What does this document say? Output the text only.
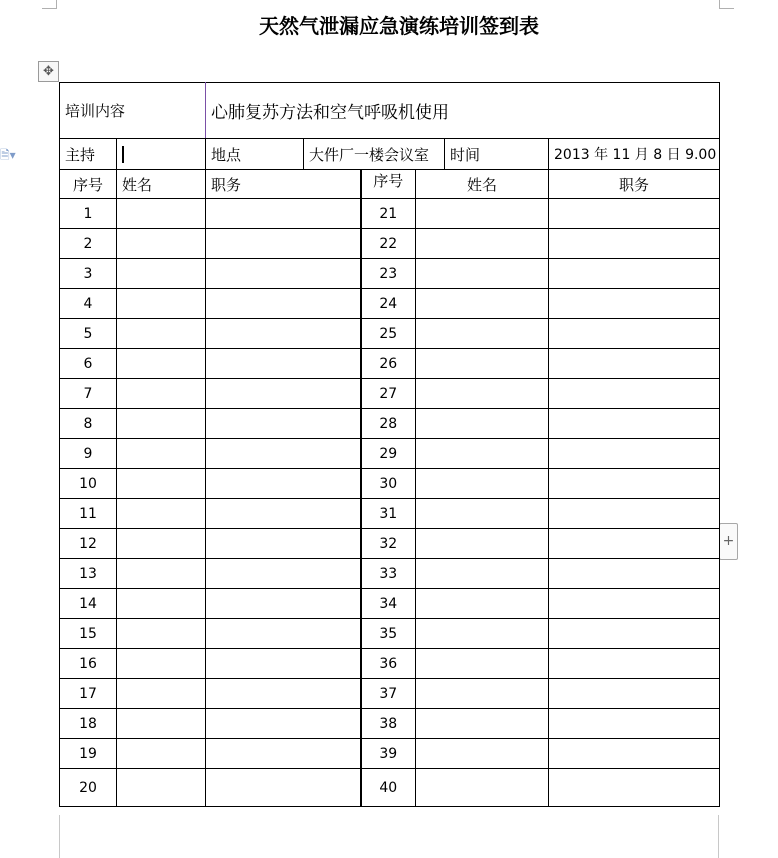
天然气泄漏应急演练培训签到表
🗎▾
✥
+
培训内容		心肺复苏方法和空气呼吸机使用					
主持		地点	大件厂一楼会议室			时间	2013 年 11 月 8 日 9.00
序号	姓名	职务		序号	姓名		职务
1				21			
2				22			
3				23			
4				24			
5				25			
6				26			
7				27			
8				28			
9				29			
10				30			
11				31			
12				32			
13				33			
14				34			
15				35			
16				36			
17				37			
18				38			
19				39			
20				40			
